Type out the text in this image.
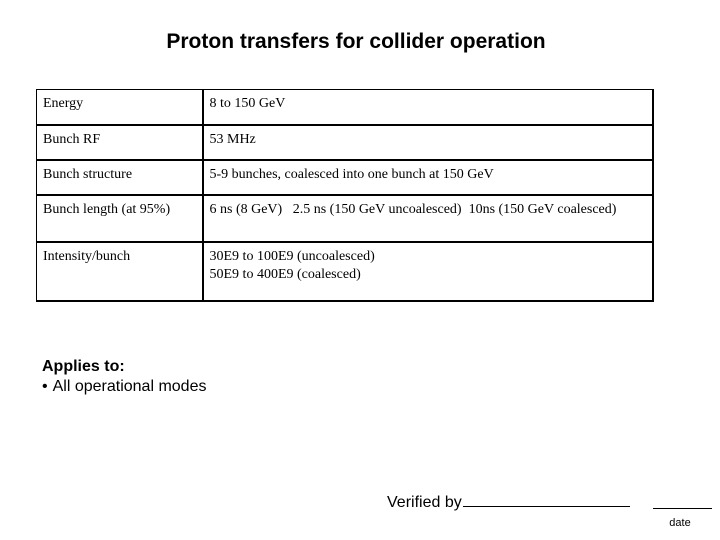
Proton transfers for collider operation
Energy	8 to 150 GeV

Bunch RF	53 MHz

Bunch structure	5-9 bunches, coalesced into one bunch at 150 GeV

Bunch length (at 95%)	6 ns (8 GeV)   2.5 ns (150 GeV uncoalesced)  10ns (150 GeV coalesced)

Intensity/bunch	30E9 to 100E9 (uncoalesced)
50E9 to 400E9 (coalesced)
Applies to:
• All operational modes
Verified by
date
